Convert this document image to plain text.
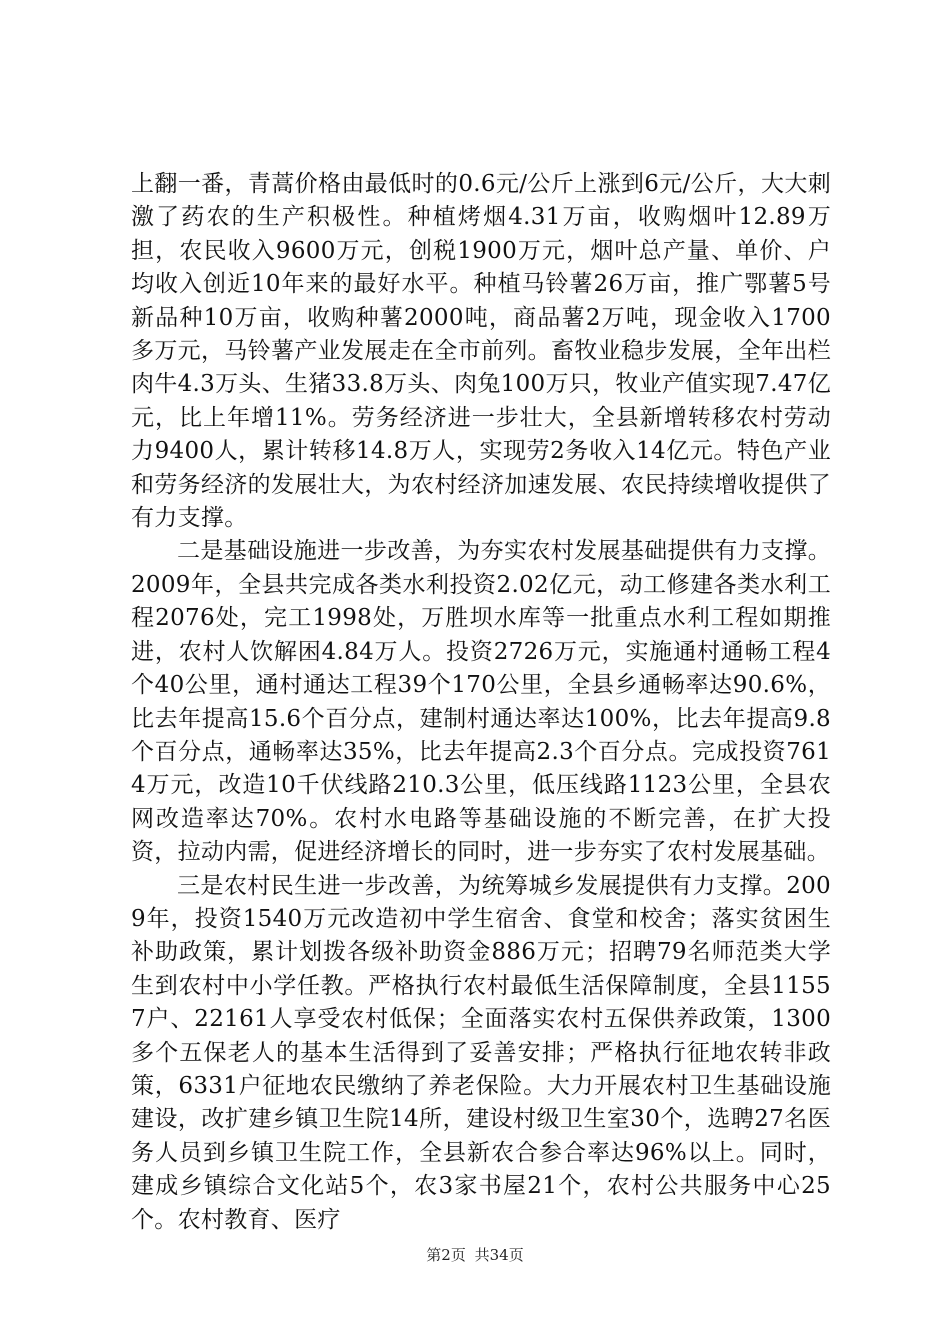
上翻一番，青蒿价格由最低时的0.6元/公斤上涨到6元/公斤，大大刺激了药农的生产积极性。种植烤烟4.31万亩，收购烟叶12.89万担，农民收入9600万元，创税1900万元，烟叶总产量、单价、户均收入创近10年来的最好水平。种植马铃薯26万亩，推广鄂薯5号新品种10万亩，收购种薯2000吨，商品薯2万吨，现金收入1700多万元，马铃薯产业发展走在全市前列。畜牧业稳步发展，全年出栏肉牛4.3万头、生猪33.8万头、肉兔100万只，牧业产值实现7.47亿元，比上年增11%。劳务经济进一步壮大，全县新增转移农村劳动力9400人，累计转移14.8万人，实现劳2务收入14亿元。特色产业和劳务经济的发展壮大，为农村经济加速发展、农民持续增收提供了有力支撑。

二是基础设施进一步改善，为夯实农村发展基础提供有力支撑。2009年，全县共完成各类水利投资2.02亿元，动工修建各类水利工程2076处，完工1998处，万胜坝水库等一批重点水利工程如期推进，农村人饮解困4.84万人。投资2726万元，实施通村通畅工程4个40公里，通村通达工程39个170公里，全县乡通畅率达90.6%，比去年提高15.6个百分点，建制村通达率达100%，比去年提高9.8个百分点，通畅率达35%，比去年提高2.3个百分点。完成投资7614万元，改造10千伏线路210.3公里，低压线路1123公里，全县农网改造率达70%。农村水电路等基础设施的不断完善，在扩大投资，拉动内需，促进经济增长的同时，进一步夯实了农村发展基础。

三是农村民生进一步改善，为统筹城乡发展提供有力支撑。2009年，投资1540万元改造初中学生宿舍、食堂和校舍；落实贫困生补助政策，累计划拨各级补助资金886万元；招聘79名师范类大学生到农村中小学任教。严格执行农村最低生活保障制度，全县11557户、22161人享受农村低保；全面落实农村五保供养政策，1300多个五保老人的基本生活得到了妥善安排；严格执行征地农转非政策，6331户征地农民缴纳了养老保险。大力开展农村卫生基础设施建设，改扩建乡镇卫生院14所，建设村级卫生室30个，选聘27名医务人员到乡镇卫生院工作，全县新农合参合率达96%以上。同时，建成乡镇综合文化站5个，农3家书屋21个，农村公共服务中心25个。农村教育、医疗

第2页 共34页
